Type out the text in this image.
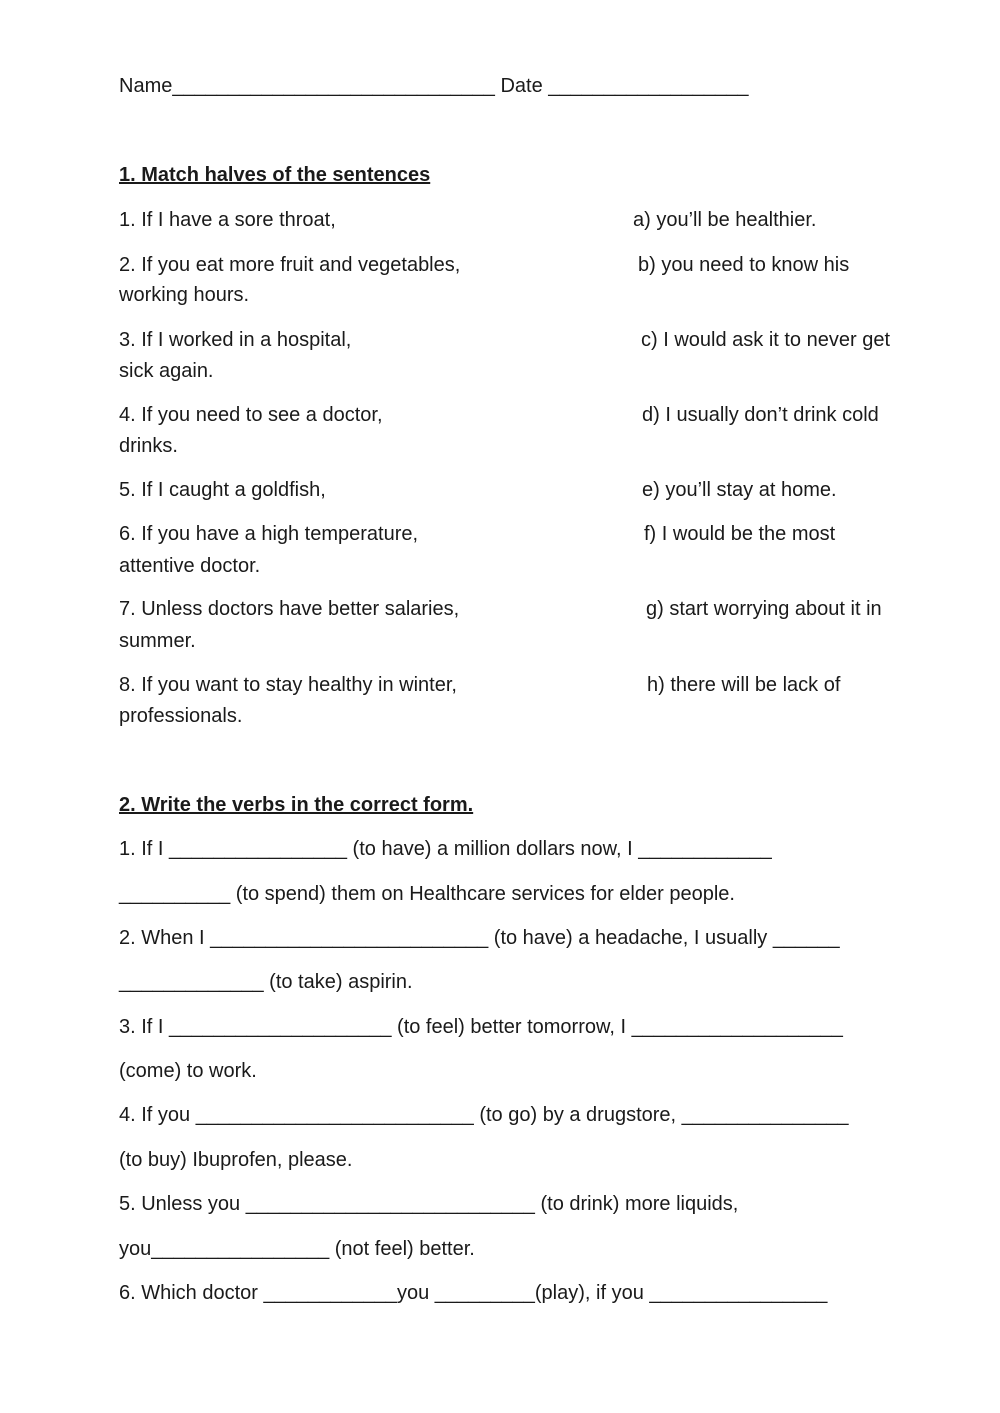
Name_____________________________ Date __________________
1. Match halves of the sentences
1. If I have a sore throat,	a) you’ll be healthier.
2. If you eat more fruit and vegetables,	b) you need to know his
working hours.
3. If I worked in a hospital,	c) I would ask it to never get
sick again.
4. If you need to see a doctor,	d) I usually don’t drink cold
drinks.
5. If I caught a goldfish,	e) you’ll stay at home.
6. If you have a high temperature,	f) I would be the most
attentive doctor.
7. Unless doctors have better salaries,	g) start worrying about it in
summer.
8. If you want to stay healthy in winter,	h) there will be lack of
professionals.
2. Write the verbs in the correct form.
1. If I ________________ (to have) a million dollars now, I ____________
__________ (to spend) them on Healthcare services for elder people.
2. When I _________________________ (to have) a headache, I usually ______
_____________ (to take) aspirin.
3. If I ____________________ (to feel) better tomorrow, I ___________________
(come) to work.
4. If you _________________________ (to go) by a drugstore, _______________
(to buy) Ibuprofen, please.
5. Unless you __________________________ (to drink) more liquids,
you________________ (not feel) better.
6. Which doctor ____________you _________(play), if you ________________
